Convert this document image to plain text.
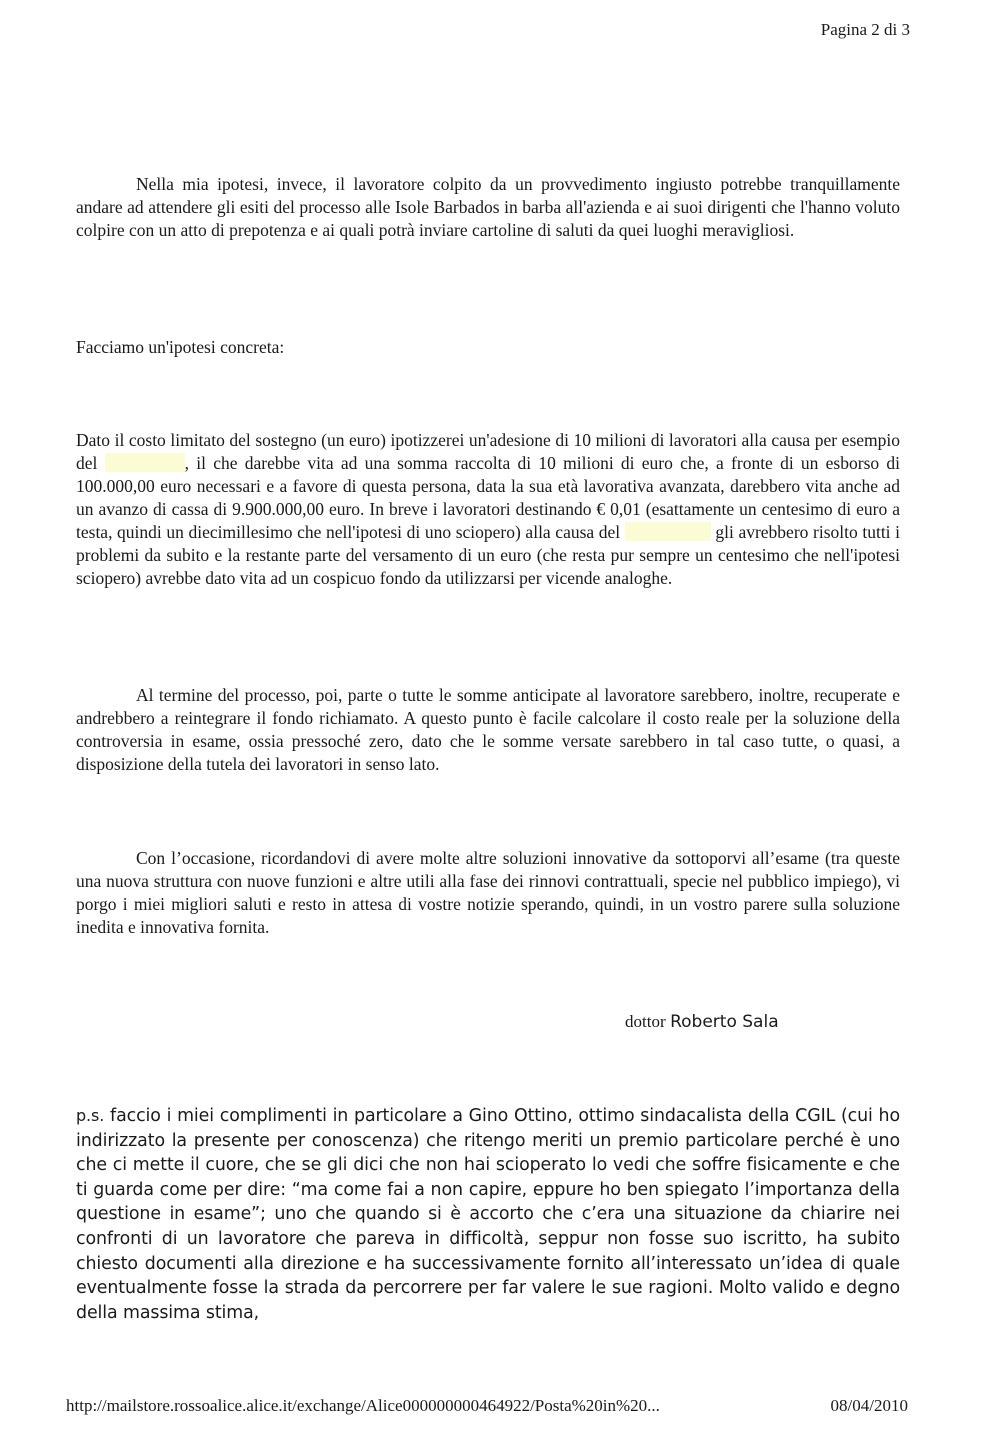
Pagina 2 di 3

Nella mia ipotesi, invece, il lavoratore colpito da un provvedimento ingiusto potrebbe tranquillamente andare ad attendere gli esiti del processo alle Isole Barbados in barba all'azienda e ai suoi dirigenti che l'hanno voluto colpire con un atto di prepotenza e ai quali potrà inviare cartoline di saluti da quei luoghi meravigliosi.

Facciamo un'ipotesi concreta:

Dato il costo limitato del sostegno (un euro) ipotizzerei un'adesione di 10 milioni di lavoratori alla causa per esempio del	, il che darebbe vita ad una somma raccolta di 10 milioni di euro che, a fronte di un esborso di 100.000,00 euro necessari e a favore di questa persona, data la sua età lavorativa avanzata, darebbero vita anche ad un avanzo di cassa di 9.900.000,00 euro. In breve i lavoratori destinando € 0,01 (esattamente un centesimo di euro a testa, quindi un diecimillesimo che nell'ipotesi di uno sciopero) alla causa del	gli avrebbero risolto tutti i problemi da subito e la restante parte del versamento di un euro (che resta pur sempre un centesimo che nell'ipotesi sciopero) avrebbe dato vita ad un cospicuo fondo da utilizzarsi per vicende analoghe.

Al termine del processo, poi, parte o tutte le somme anticipate al lavoratore sarebbero, inoltre, recuperate e andrebbero a reintegrare il fondo richiamato. A questo punto è facile calcolare il costo reale per la soluzione della controversia in esame, ossia pressoché zero, dato che le somme versate sarebbero in tal caso tutte, o quasi, a disposizione della tutela dei lavoratori in senso lato.

Con l’occasione, ricordandovi di avere molte altre soluzioni innovative da sottoporvi all’esame (tra queste una nuova struttura con nuove funzioni e altre utili alla fase dei rinnovi contrattuali, specie nel pubblico impiego), vi porgo i miei migliori saluti e resto in attesa di vostre notizie sperando, quindi, in un vostro parere sulla soluzione inedita e innovativa fornita.

dottor Roberto Sala

p.s. faccio i miei complimenti in particolare a Gino Ottino, ottimo sindacalista della CGIL (cui ho indirizzato la presente per conoscenza) che ritengo meriti un premio particolare perché è uno che ci mette il cuore, che se gli dici che non hai scioperato lo vedi che soffre fisicamente e che ti guarda come per dire: “ma come fai a non capire, eppure ho ben spiegato l’importanza della questione in esame”; uno che quando si è accorto che c’era una situazione da chiarire nei confronti di un lavoratore che pareva in difficoltà, seppur non fosse suo iscritto, ha subito chiesto documenti alla direzione e ha successivamente fornito all’interessato un’idea di quale eventualmente fosse la strada da percorrere per far valere le sue ragioni. Molto valido e degno della massima stima,

http://mailstore.rossoalice.alice.it/exchange/Alice000000000464922/Posta%20in%20...	08/04/2010
